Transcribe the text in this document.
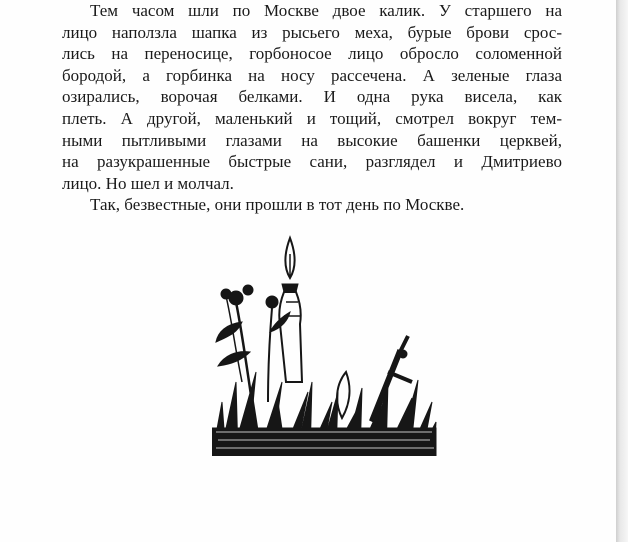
Тем часом шли по Москве двое калик. У старшего на
лицо наползла шапка из рысьего меха, бурые брови срос-
лись на переносице, горбоносое лицо обросло соломенной
бородой, а горбинка на носу рассечена. А зеленые глаза
озирались, ворочая белками. И одна рука висела, как
плеть. А другой, маленький и тощий, смотрел вокруг тем-
ными пытливыми глазами на высокие башенки церквей,
на разукрашенные быстрые сани, разглядел и Дмитриево
лицо. Но шел и молчал.
Так, безвестные, они прошли в тот день по Москве.
